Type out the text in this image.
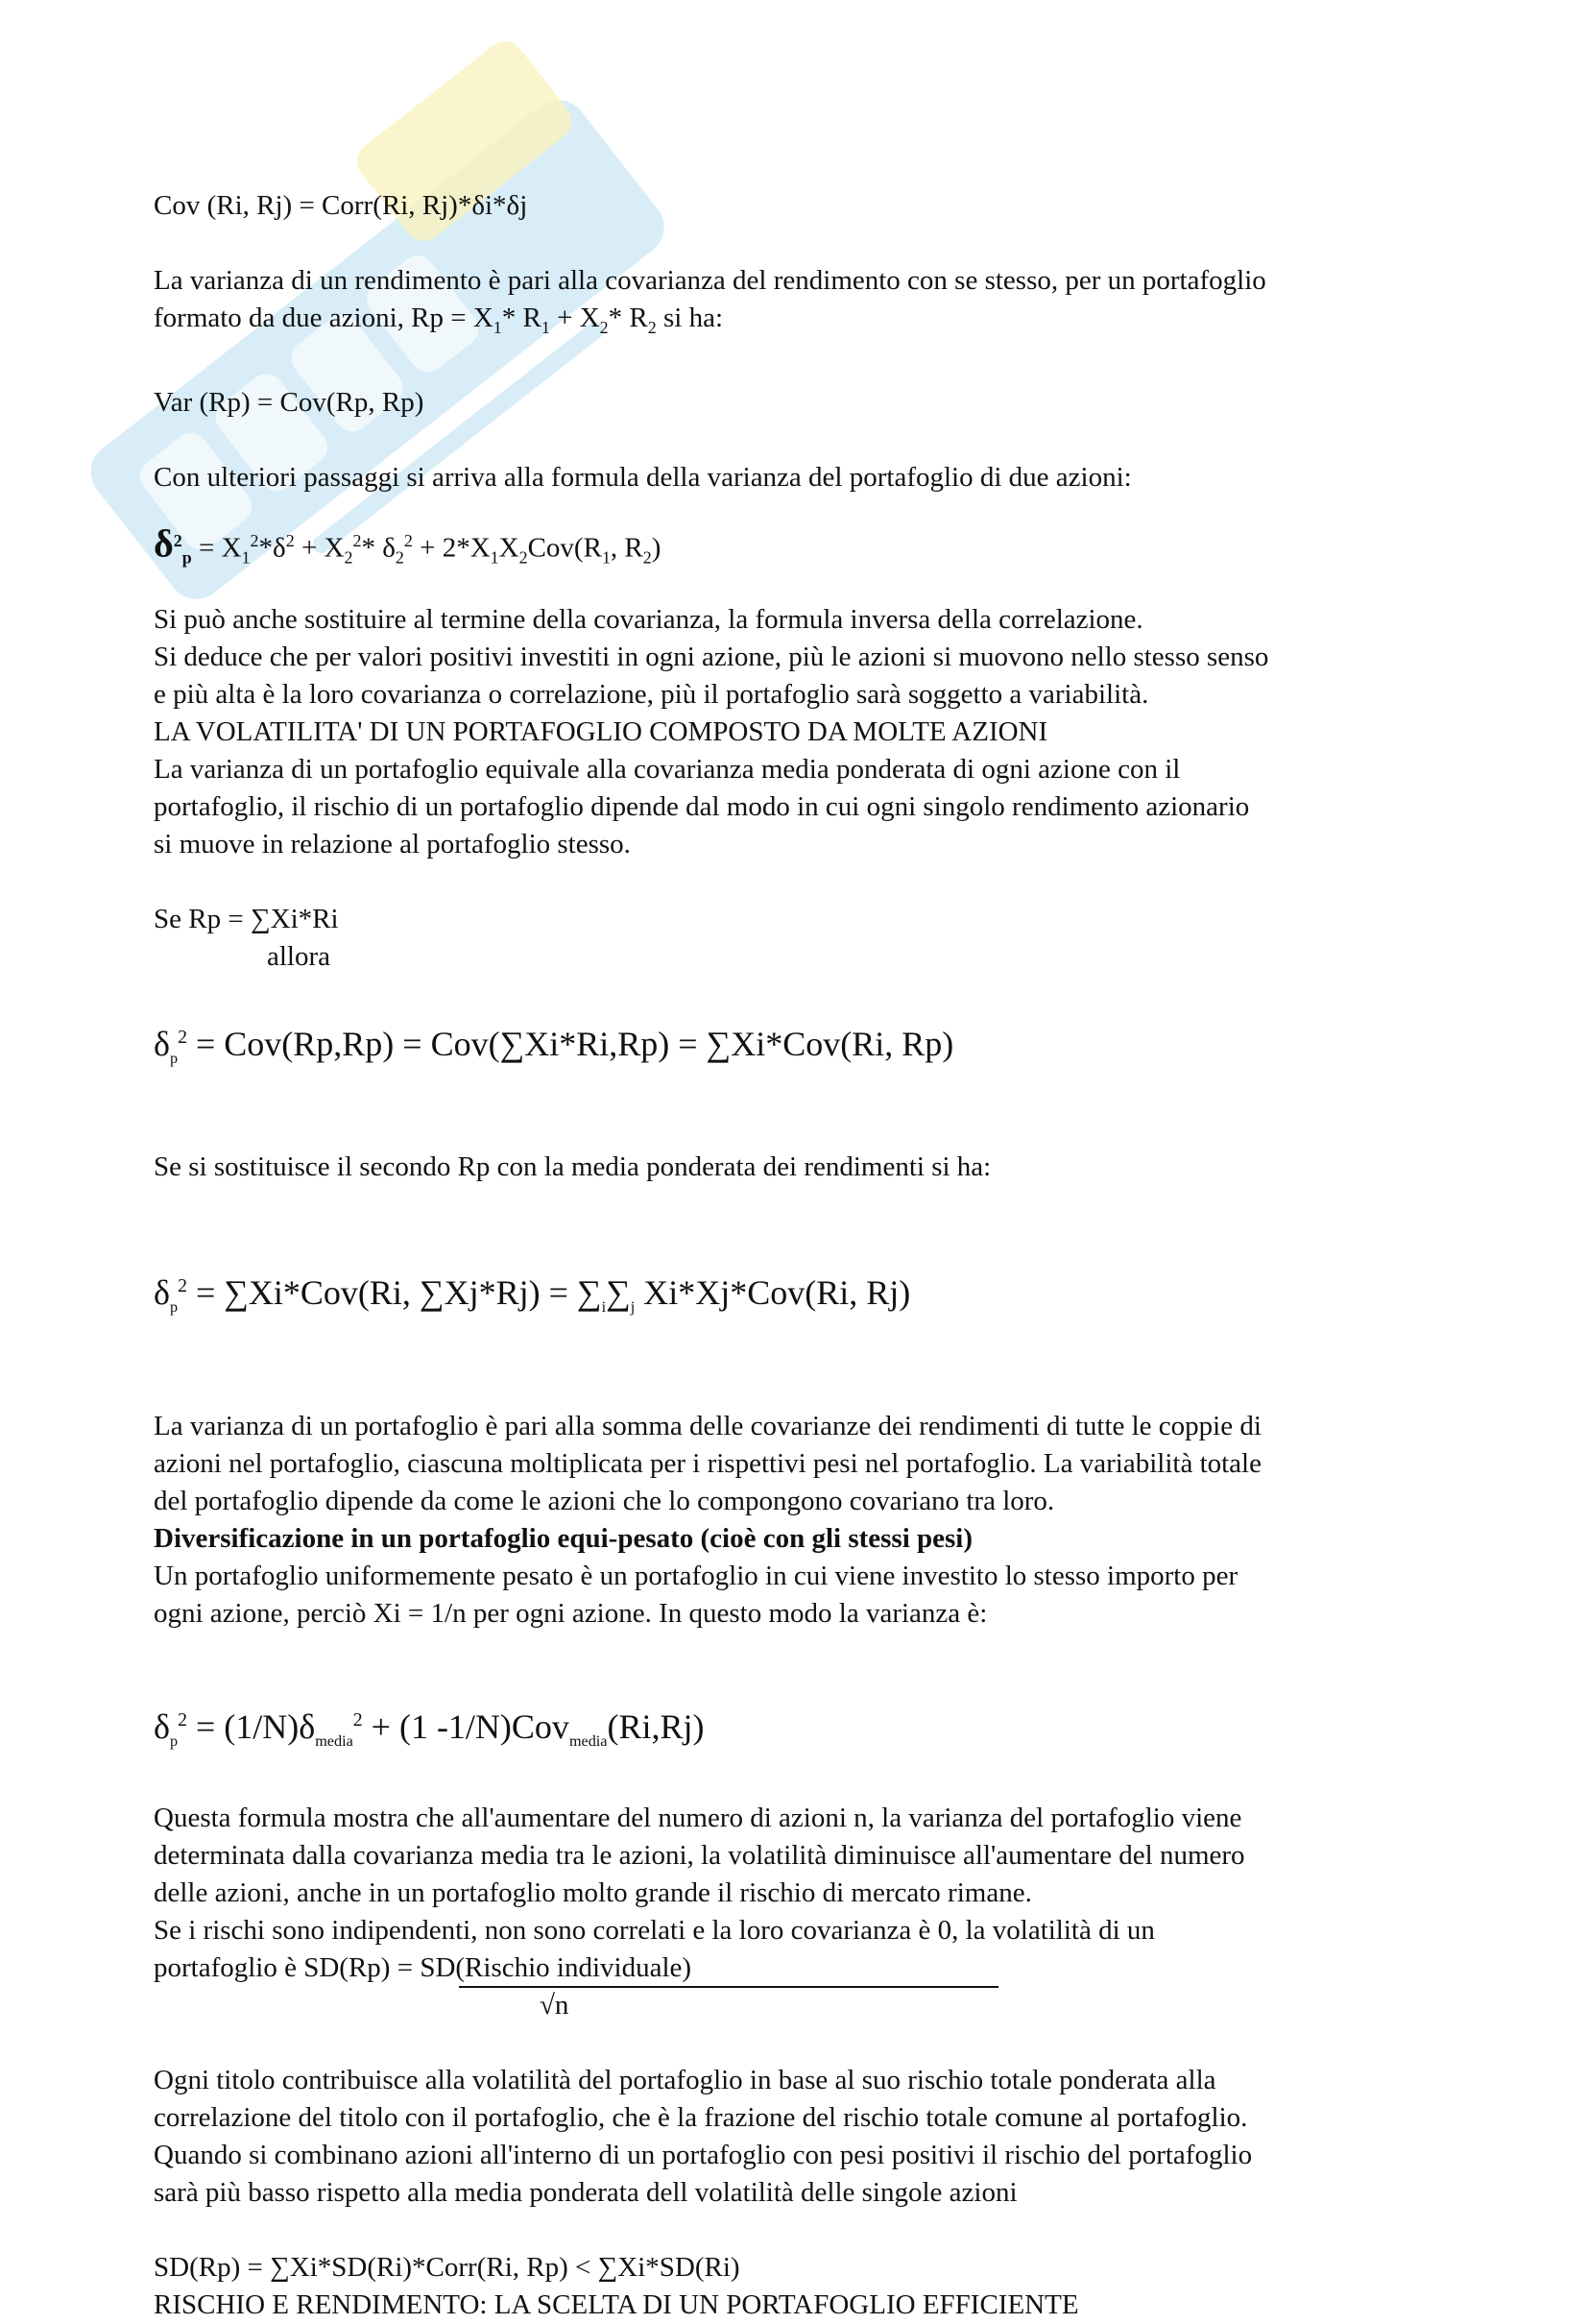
Cov (Ri, Rj) = Corr(Ri, Rj)*δi*δj

La varianza di un rendimento è pari alla covarianza del rendimento con se stesso, per un portafoglio

formato da due azioni, $Rp = X_1*$ $R_1 + X_2*$ $R_2$ si ha:

Var (Rp) = Cov(Rp, Rp)

Con ulteriori passaggi si arriva alla formula della varianza del portafoglio di due azioni:

$\delta^2_p = X_1^2*\delta^2 + X_2^2*$ $\delta_2^2 + 2*X_1X_2Cov(R_1$, $R_2$)

Si può anche sostituire al termine della covarianza, la formula inversa della correlazione.

Si deduce che per valori positivi investiti in ogni azione, più le azioni si muovono nello stesso senso

e più alta è la loro covarianza o correlazione, più il portafoglio sarà soggetto a variabilità.

LA VOLATILITA' DI UN PORTAFOGLIO COMPOSTO DA MOLTE AZIONI

La varianza di un portafoglio equivale alla covarianza media ponderata di ogni azione con il

portafoglio, il rischio di un portafoglio dipende dal modo in cui ogni singolo rendimento azionario

si muove in relazione al portafoglio stesso.

Se Rp = ∑Xi*Ri

allora

$\delta_p^2 = Cov(Rp,Rp) = Cov(\sum Xi*Ri,Rp) = \sum Xi*Cov(Ri$, Rp)

Se si sostituisce il secondo Rp con la media ponderata dei rendimenti si ha:

$\delta_p^2 = \sum Xi*Cov(Ri$, $\sum Xj*Rj) = \sum_i\sum_j$ Xi*Xj*Cov(Ri, Rj)

La varianza di un portafoglio è pari alla somma delle covarianze dei rendimenti di tutte le coppie di

azioni nel portafoglio, ciascuna moltiplicata per i rispettivi pesi nel portafoglio. La variabilità totale

del portafoglio dipende da come le azioni che lo compongono covariano tra loro.

Diversificazione in un portafoglio equi-pesato (cioè con gli stessi pesi)

Un portafoglio uniformemente pesato è un portafoglio in cui viene investito lo stesso importo per

ogni azione, perciò Xi = 1/n per ogni azione. In questo modo la varianza è:

$\delta_p^2 = (1/N)\delta_{media}^2 + (1$ -1/N)Cov$_{media}$(Ri,Rj)

Questa formula mostra che all'aumentare del numero di azioni n, la varianza del portafoglio viene

determinata dalla covarianza media tra le azioni, la volatilità diminuisce all'aumentare del numero

delle azioni, anche in un portafoglio molto grande il rischio di mercato rimane.

Se i rischi sono indipendenti, non sono correlati e la loro covarianza è 0, la volatilità di un

portafoglio è SD(Rp) = SD(Rischio individuale)

√n

Ogni titolo contribuisce alla volatilità del portafoglio in base al suo rischio totale ponderata alla

correlazione del titolo con il portafoglio, che è la frazione del rischio totale comune al portafoglio.

Quando si combinano azioni all'interno di un portafoglio con pesi positivi il rischio del portafoglio

sarà più basso rispetto alla media ponderata dell volatilità delle singole azioni

SD(Rp) = ∑Xi*SD(Ri)*Corr(Ri, Rp) < ∑Xi*SD(Ri)

RISCHIO E RENDIMENTO: LA SCELTA DI UN PORTAFOGLIO EFFICIENTE
